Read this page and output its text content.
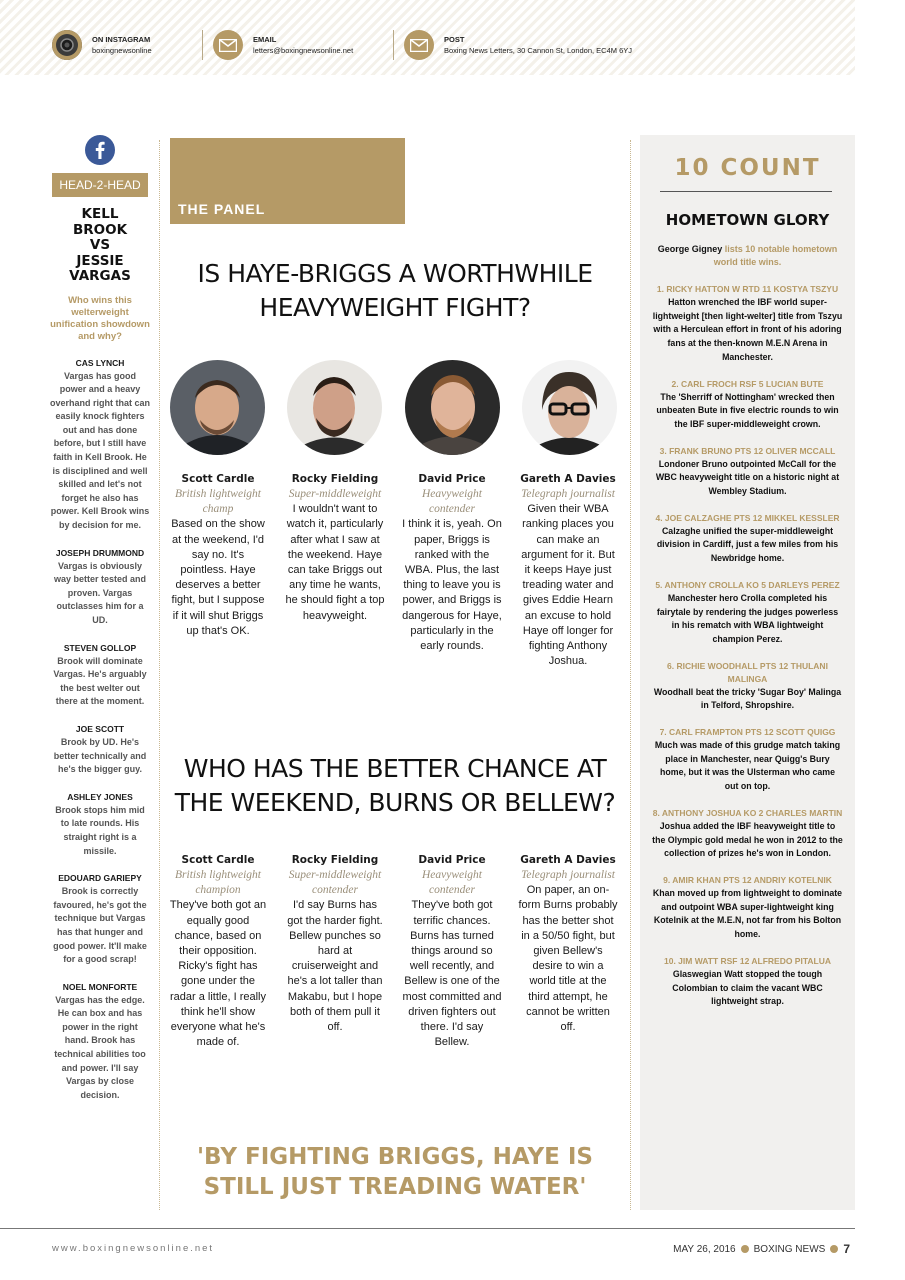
ON INSTAGRAM
boxingnewsonline
EMAIL
letters@boxingnewsonline.net
POST
Boxing News Letters, 30 Cannon St, London, EC4M 6YJ
HEAD-2-HEAD
KELL
BROOK
VS
JESSIE
VARGAS
Who wins this welterweight unification showdown and why?
CAS LYNCH
Vargas has good power and a heavy overhand right that can easily knock fighters out and has done before, but I still have faith in Kell Brook. He is disciplined and well skilled and let's not forget he also has power. Kell Brook wins by decision for me.
JOSEPH DRUMMOND
Vargas is obviously way better tested and proven. Vargas outclasses him for a UD.
STEVEN GOLLOP
Brook will dominate Vargas. He's arguably the best welter out there at the moment.
JOE SCOTT
Brook by UD. He's better technically and he's the bigger guy.
ASHLEY JONES
Brook stops him mid to late rounds. His straight right is a missile.
EDOUARD GARIEPY
Brook is correctly favoured, he's got the technique but Vargas has that hunger and good power. It'll make for a good scrap!
NOEL MONFORTE
Vargas has the edge. He can box and has power in the right hand. Brook has technical abilities too and power. I'll say Vargas by close decision.
THE PANEL
IS HAYE-BRIGGS A WORTHWHILE HEAVYWEIGHT FIGHT?
Scott Cardle
British lightweight champ
Based on the show at the weekend, I'd say no. It's pointless. Haye deserves a better fight, but I suppose if it will shut Briggs up that's OK.
Rocky Fielding
Super-middleweight
I wouldn't want to watch it, particularly after what I saw at the weekend. Haye can take Briggs out any time he wants, he should fight a top heavyweight.
David Price
Heavyweight contender
I think it is, yeah. On paper, Briggs is ranked with the WBA. Plus, the last thing to leave you is power, and Briggs is dangerous for Haye, particularly in the early rounds.
Gareth A Davies
Telegraph journalist
Given their WBA ranking places you can make an argument for it. But it keeps Haye just treading water and gives Eddie Hearn an excuse to hold Haye off longer for fighting Anthony Joshua.
WHO HAS THE BETTER CHANCE AT THE WEEKEND, BURNS OR BELLEW?
Scott Cardle
British lightweight champion
They've both got an equally good chance, based on their opposition. Ricky's fight has gone under the radar a little, I really think he'll show everyone what he's made of.
Rocky Fielding
Super-middleweight contender
I'd say Burns has got the harder fight. Bellew punches so hard at cruiserweight and he's a lot taller than Makabu, but I hope both of them pull it off.
David Price
Heavyweight contender
They've both got terrific chances. Burns has turned things around so well recently, and Bellew is one of the most committed and driven fighters out there. I'd say Bellew.
Gareth A Davies
Telegraph journalist
On paper, an on-form Burns probably has the better shot in a 50/50 fight, but given Bellew's desire to win a world title at the third attempt, he cannot be written off.
'BY FIGHTING BRIGGS, HAYE IS STILL JUST TREADING WATER'
10 COUNT
HOMETOWN GLORY
George Gigney lists 10 notable hometown world title wins.
1. RICKY HATTON W RTD 11 KOSTYA TSZYU
Hatton wrenched the IBF world super-lightweight [then light-welter] title from Tszyu with a Herculean effort in front of his adoring fans at the then-known M.E.N Arena in Manchester.
2. CARL FROCH RSF 5 LUCIAN BUTE
The 'Sherriff of Nottingham' wrecked then unbeaten Bute in five electric rounds to win the IBF super-middleweight crown.
3. FRANK BRUNO PTS 12 OLIVER MCCALL
Londoner Bruno outpointed McCall for the WBC heavyweight title on a historic night at Wembley Stadium.
4. JOE CALZAGHE PTS 12 MIKKEL KESSLER
Calzaghe unified the super-middleweight division in Cardiff, just a few miles from his Newbridge home.
5. ANTHONY CROLLA KO 5 DARLEYS PEREZ
Manchester hero Crolla completed his fairytale by rendering the judges powerless in his rematch with WBA lightweight champion Perez.
6. RICHIE WOODHALL PTS 12 THULANI MALINGA
Woodhall beat the tricky 'Sugar Boy' Malinga in Telford, Shropshire.
7. CARL FRAMPTON PTS 12 SCOTT QUIGG
Much was made of this grudge match taking place in Manchester, near Quigg's Bury home, but it was the Ulsterman who came out on top.
8. ANTHONY JOSHUA KO 2 CHARLES MARTIN
Joshua added the IBF heavyweight title to the Olympic gold medal he won in 2012 to the collection of prizes he's won in London.
9. AMIR KHAN PTS 12 ANDRIY KOTELNIK
Khan moved up from lightweight to dominate and outpoint WBA super-lightweight king Kotelnik at the M.E.N, not far from his Bolton home.
10. JIM WATT RSF 12 ALFREDO PITALUA
Glaswegian Watt stopped the tough Colombian to claim the vacant WBC lightweight strap.
www.boxingnewsonline.net	MAY 26, 2016 BOXING NEWS 7
